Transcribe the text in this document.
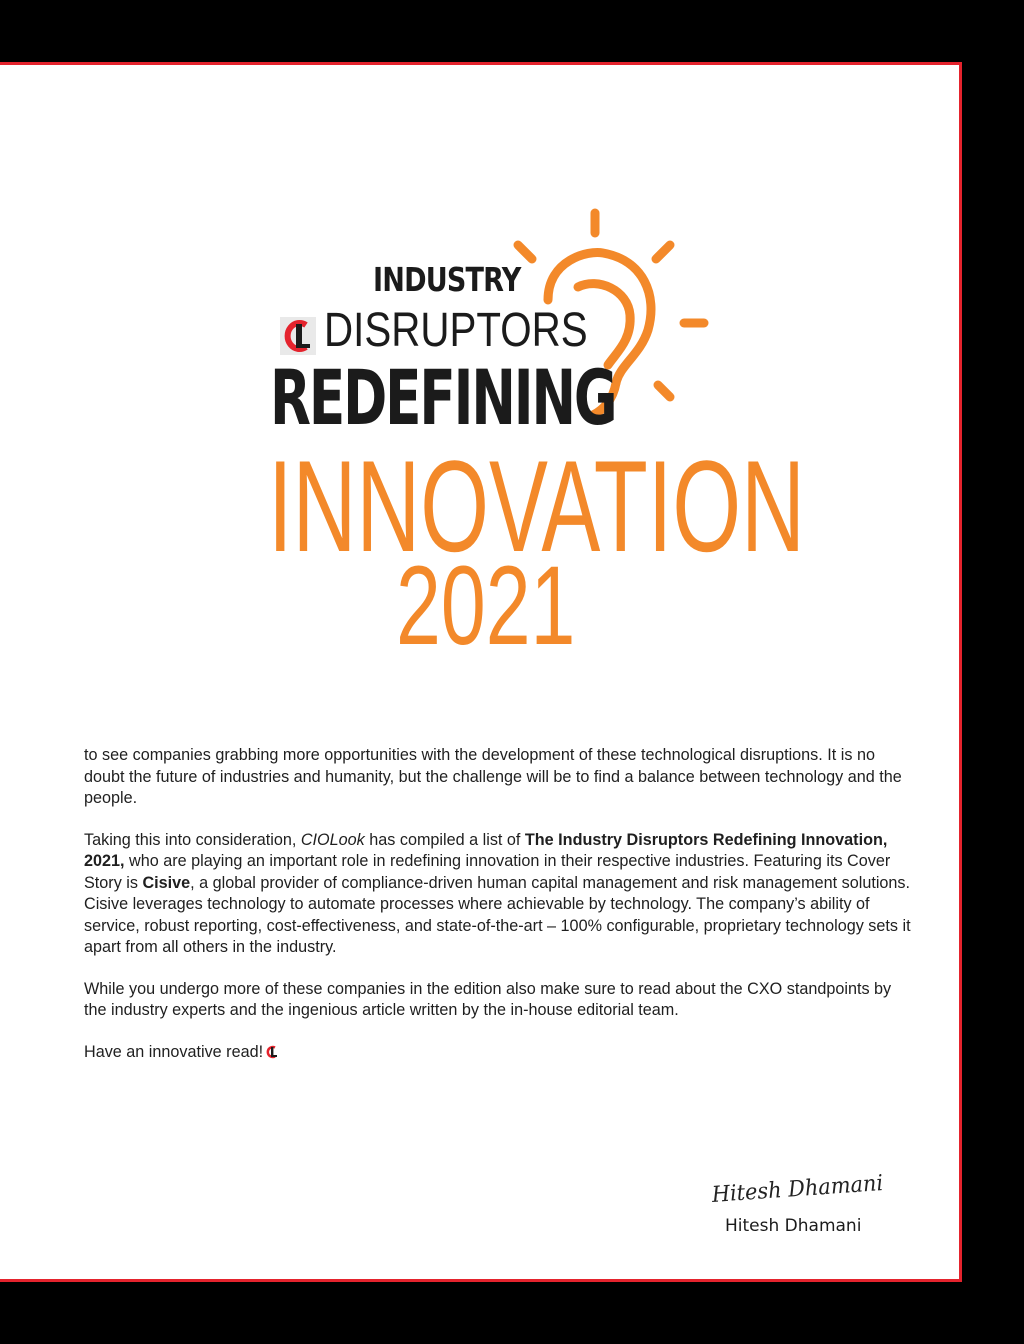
INDUSTRY
DISRUPTORS
REDEFINING
INNOVATION
2021

to see companies grabbing more opportunities with the development of these technological disruptions. It is no doubt the future of industries and humanity, but the challenge will be to find a balance between technology and the people.

Taking this into consideration, CIOLook has compiled a list of The Industry Disruptors Redefining Innovation, 2021, who are playing an important role in redefining innovation in their respective industries. Featuring its Cover Story is Cisive, a global provider of compliance-driven human capital management and risk management solutions. Cisive leverages technology to automate processes where achievable by technology. The company’s ability of service, robust reporting, cost-effectiveness, and state-of-the-art – 100% configurable, proprietary technology sets it apart from all others in the industry.

While you undergo more of these companies in the edition also make sure to read about the CXO standpoints by the industry experts and the ingenious article written by the in-house editorial team.

Have an innovative read!

Hitesh Dhamani
Hitesh Dhamani
